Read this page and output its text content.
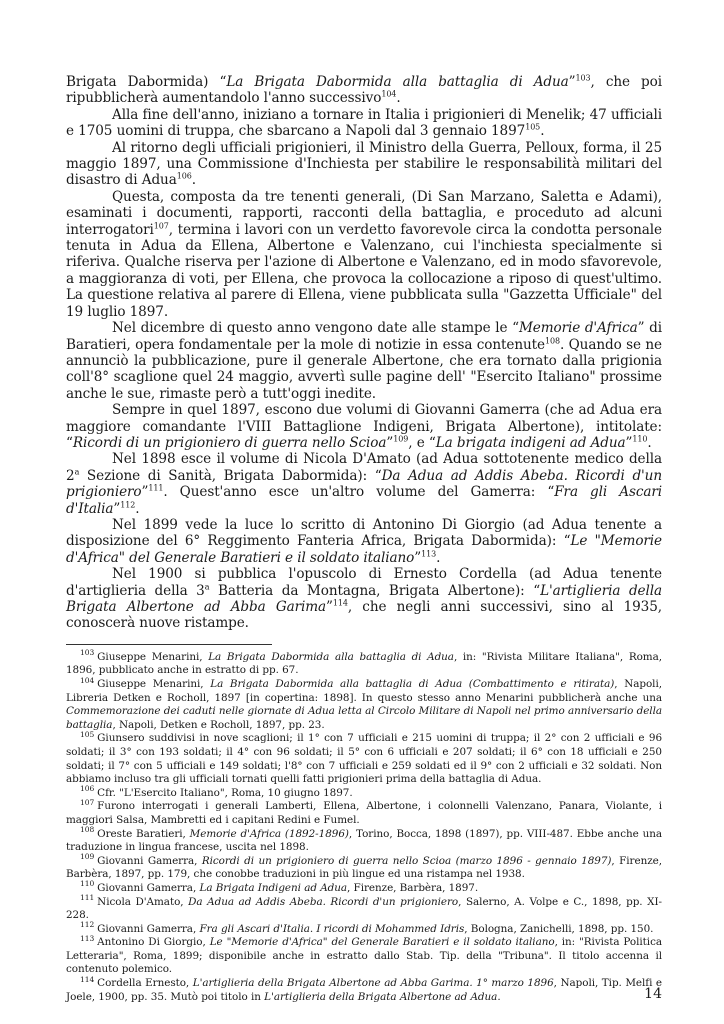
Brigata Dabormida) “La Brigata Dabormida alla battaglia di Adua”$^{103}$, che poi ripubblicherà aumentandolo l'anno successivo$^{104}$.

Alla fine dell'anno, iniziano a tornare in Italia i prigionieri di Menelik; 47 ufficiali e 1705 uomini di truppa, che sbarcano a Napoli dal 3 gennaio 1897$^{105}$.

Al ritorno degli ufficiali prigionieri, il Ministro della Guerra, Pelloux, forma, il 25 maggio 1897, una Commissione d'Inchiesta per stabilire le responsabilità militari del disastro di Adua$^{106}$.

Questa, composta da tre tenenti generali, (Di San Marzano, Saletta e Adami), esaminati i documenti, rapporti, racconti della battaglia, e proceduto ad alcuni interrogatori$^{107}$, termina i lavori con un verdetto favorevole circa la condotta personale tenuta in Adua da Ellena, Albertone e Valenzano, cui l'inchiesta specialmente si riferiva. Qualche riserva per l'azione di Albertone e Valenzano, ed in modo sfavorevole, a maggioranza di voti, per Ellena, che provoca la collocazione a riposo di quest'ultimo. La questione relativa al parere di Ellena, viene pubblicata sulla "Gazzetta Ufficiale" del 19 luglio 1897.

Nel dicembre di questo anno vengono date alle stampe le “Memorie d'Africa” di Baratieri, opera fondamentale per la mole di notizie in essa contenute$^{108}$. Quando se ne annunciò la pubblicazione, pure il generale Albertone, che era tornato dalla prigionia coll'8° scaglione quel 24 maggio, avvertì sulle pagine dell' "Esercito Italiano" prossime anche le sue, rimaste però a tutt'oggi inedite.

Sempre in quel 1897, escono due volumi di Giovanni Gamerra (che ad Adua era maggiore comandante l'VIII Battaglione Indigeni, Brigata Albertone), intitolate: “Ricordi di un prigioniero di guerra nello Scioa”$^{109}$, e “La brigata indigeni ad Adua”$^{110}$.

Nel 1898 esce il volume di Nicola D'Amato (ad Adua sottotenente medico della 2$^a$ Sezione di Sanità, Brigata Dabormida): “Da Adua ad Addis Abeba. Ricordi d'un prigioniero”$^{111}$. Quest'anno esce un'altro volume del Gamerra: “Fra gli Ascari d'Italia”$^{112}$.

Nel 1899 vede la luce lo scritto di Antonino Di Giorgio (ad Adua tenente a disposizione del 6° Reggimento Fanteria Africa, Brigata Dabormida): “Le "Memorie d'Africa" del Generale Baratieri e il soldato italiano”$^{113}$.

Nel 1900 si pubblica l'opuscolo di Ernesto Cordella (ad Adua tenente d'artiglieria della 3$^a$ Batteria da Montagna, Brigata Albertone): “L'artiglieria della Brigata Albertone ad Abba Garima”$^{114}$, che negli anni successivi, sino al 1935, conoscerà nuove ristampe.

$^{103}$ Giuseppe Menarini, La Brigata Dabormida alla battaglia di Adua, in: "Rivista Militare Italiana", Roma, 1896, pubblicato anche in estratto di pp. 67.

$^{104}$ Giuseppe Menarini, La Brigata Dabormida alla battaglia di Adua (Combattimento e ritirata), Napoli, Libreria Detken e Rocholl, 1897 [in copertina: 1898]. In questo stesso anno Menarini pubblicherà anche una Commemorazione dei caduti nelle giornate di Adua letta al Circolo Militare di Napoli nel primo anniversario della battaglia, Napoli, Detken e Rocholl, 1897, pp. 23.

$^{105}$ Giunsero suddivisi in nove scaglioni; il 1° con 7 ufficiali e 215 uomini di truppa; il 2° con 2 ufficiali e 96 soldati; il 3° con 193 soldati; il 4° con 96 soldati; il 5° con 6 ufficiali e 207 soldati; il 6° con 18 ufficiali e 250 soldati; il 7° con 5 ufficiali e 149 soldati; l'8° con 7 ufficiali e 259 soldati ed il 9° con 2 ufficiali e 32 soldati. Non abbiamo incluso tra gli ufficiali tornati quelli fatti prigionieri prima della battaglia di Adua.

$^{106}$ Cfr. "L'Esercito Italiano", Roma, 10 giugno 1897.

$^{107}$ Furono interrogati i generali Lamberti, Ellena, Albertone, i colonnelli Valenzano, Panara, Violante, i maggiori Salsa, Mambretti ed i capitani Redini e Fumel.

$^{108}$ Oreste Baratieri, Memorie d'Africa (1892-1896), Torino, Bocca, 1898 (1897), pp. VIII-487. Ebbe anche una traduzione in lingua francese, uscita nel 1898.

$^{109}$ Giovanni Gamerra, Ricordi di un prigioniero di guerra nello Scioa (marzo 1896 - gennaio 1897), Firenze, Barbèra, 1897, pp. 179, che conobbe traduzioni in più lingue ed una ristampa nel 1938.

$^{110}$ Giovanni Gamerra, La Brigata Indigeni ad Adua, Firenze, Barbèra, 1897.

$^{111}$ Nicola D'Amato, Da Adua ad Addis Abeba. Ricordi d'un prigioniero, Salerno, A. Volpe e C., 1898, pp. XI-228.

$^{112}$ Giovanni Gamerra, Fra gli Ascari d'Italia. I ricordi di Mohammed Idris, Bologna, Zanichelli, 1898, pp. 150.

$^{113}$ Antonino Di Giorgio, Le "Memorie d'Africa" del Generale Baratieri e il soldato italiano, in: "Rivista Politica Letteraria", Roma, 1899; disponibile anche in estratto dallo Stab. Tip. della "Tribuna". Il titolo accenna il contenuto polemico.

$^{114}$ Cordella Ernesto, L'artiglieria della Brigata Albertone ad Abba Garima. 1° marzo 1896, Napoli, Tip. Melfi e Joele, 1900, pp. 35. Mutò poi titolo in L'artiglieria della Brigata Albertone ad Adua.	14
